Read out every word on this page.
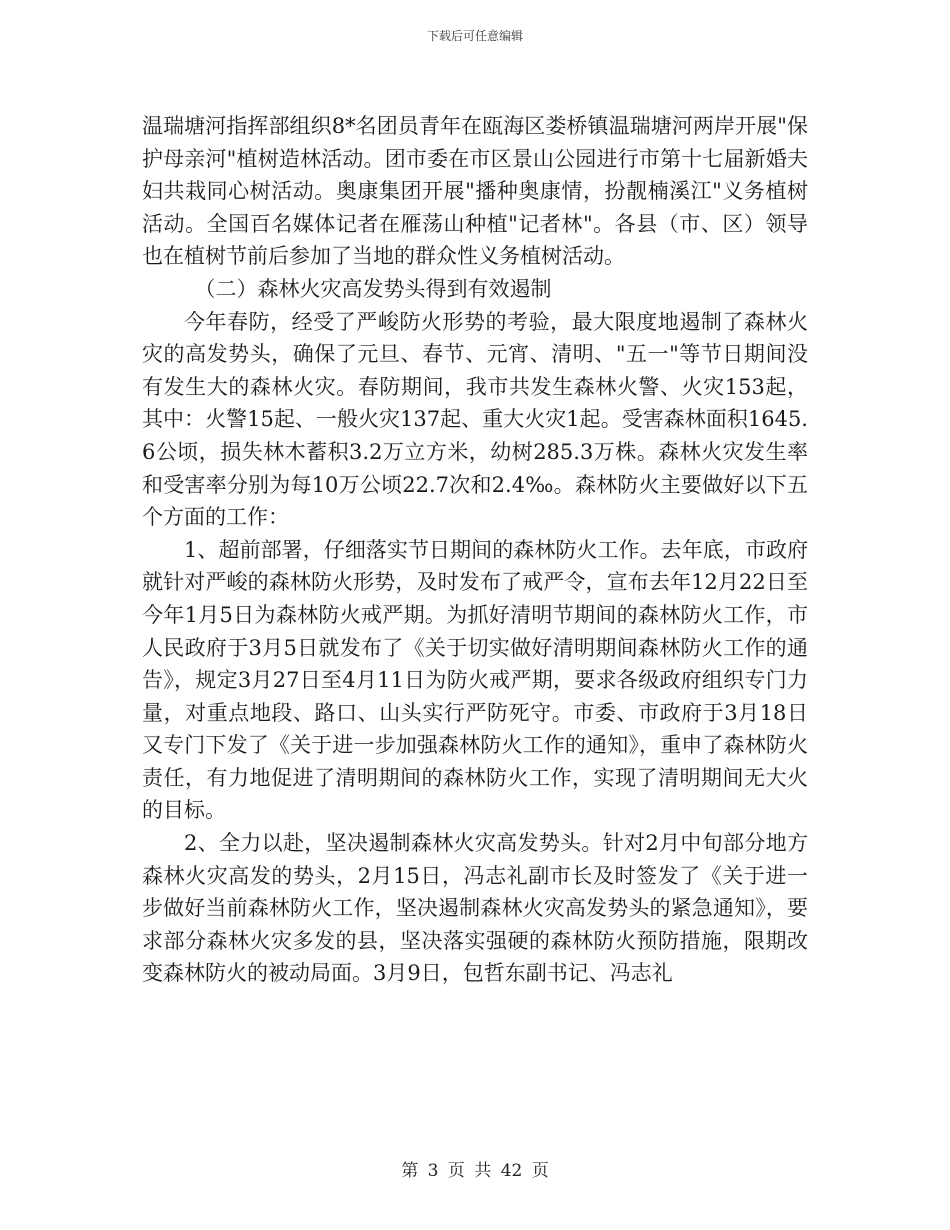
下载后可任意编辑

温瑞塘河指挥部组织8*名团员青年在瓯海区娄桥镇温瑞塘河两岸开展"保护母亲河"植树造林活动。团市委在市区景山公园进行市第十七届新婚夫妇共栽同心树活动。奥康集团开展"播种奥康情，扮靓楠溪江"义务植树活动。全国百名媒体记者在雁荡山种植"记者林"。各县（市、区）领导也在植树节前后参加了当地的群众性义务植树活动。

（二）森林火灾高发势头得到有效遏制

今年春防，经受了严峻防火形势的考验，最大限度地遏制了森林火灾的高发势头，确保了元旦、春节、元宵、清明、"五一"等节日期间没有发生大的森林火灾。春防期间，我市共发生森林火警、火灾153起，其中：火警15起、一般火灾137起、重大火灾1起。受害森林面积1645.6公顷，损失林木蓄积3.2万立方米，幼树285.3万株。森林火灾发生率和受害率分别为每10万公顷22.7次和2.4‰。森林防火主要做好以下五个方面的工作：

1、超前部署，仔细落实节日期间的森林防火工作。去年底，市政府就针对严峻的森林防火形势，及时发布了戒严令，宣布去年12月22日至今年1月5日为森林防火戒严期。为抓好清明节期间的森林防火工作，市人民政府于3月5日就发布了《关于切实做好清明期间森林防火工作的通告》，规定3月27日至4月11日为防火戒严期，要求各级政府组织专门力量，对重点地段、路口、山头实行严防死守。市委、市政府于3月18日又专门下发了《关于进一步加强森林防火工作的通知》，重申了森林防火责任，有力地促进了清明期间的森林防火工作，实现了清明期间无大火的目标。

2、全力以赴，坚决遏制森林火灾高发势头。针对2月中旬部分地方森林火灾高发的势头，2月15日，冯志礼副市长及时签发了《关于进一步做好当前森林防火工作，坚决遏制森林火灾高发势头的紧急通知》，要求部分森林火灾多发的县，坚决落实强硬的森林防火预防措施，限期改变森林防火的被动局面。3月9日，包哲东副书记、冯志礼

第 3 页 共 42 页
